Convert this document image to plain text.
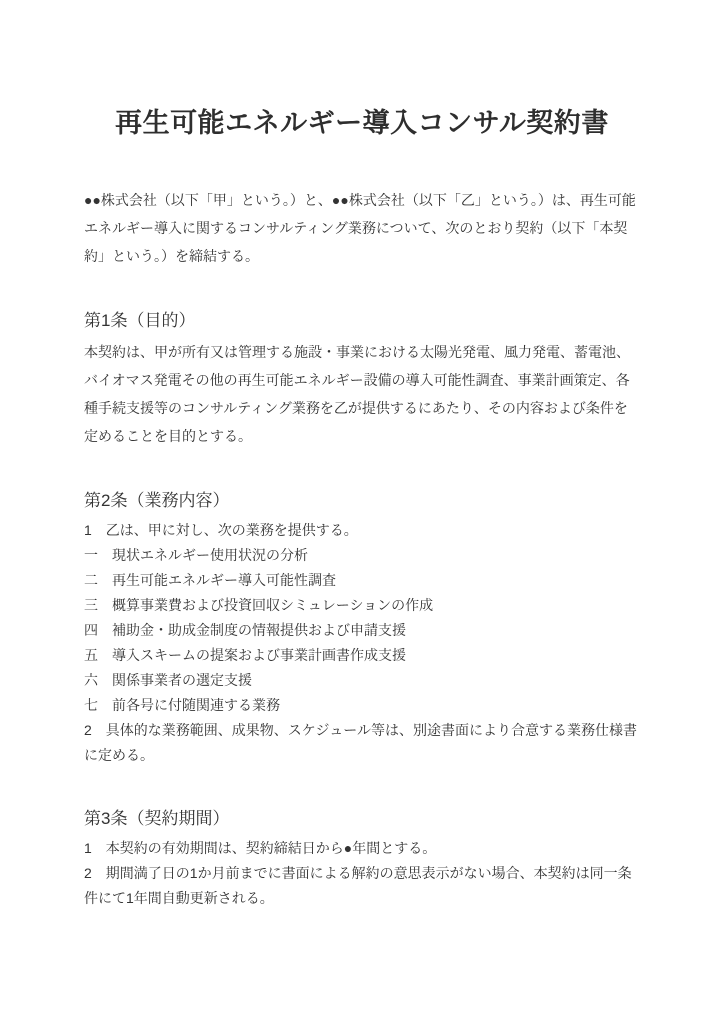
再生可能エネルギー導入コンサル契約書

●●株式会社（以下「甲」という。）と、●●株式会社（以下「乙」という。）は、再生可能エネルギー導入に関するコンサルティング業務について、次のとおり契約（以下「本契約」という。）を締結する。

第1条（目的）

本契約は、甲が所有又は管理する施設・事業における太陽光発電、風力発電、蓄電池、バイオマス発電その他の再生可能エネルギー設備の導入可能性調査、事業計画策定、各種手続支援等のコンサルティング業務を乙が提供するにあたり、その内容および条件を定めることを目的とする。

第2条（業務内容）

1　乙は、甲に対し、次の業務を提供する。

一　現状エネルギー使用状況の分析

二　再生可能エネルギー導入可能性調査

三　概算事業費および投資回収シミュレーションの作成

四　補助金・助成金制度の情報提供および申請支援

五　導入スキームの提案および事業計画書作成支援

六　関係事業者の選定支援

七　前各号に付随関連する業務

2　具体的な業務範囲、成果物、スケジュール等は、別途書面により合意する業務仕様書に定める。

第3条（契約期間）

1　本契約の有効期間は、契約締結日から●年間とする。

2　期間満了日の1か月前までに書面による解約の意思表示がない場合、本契約は同一条件にて1年間自動更新される。
